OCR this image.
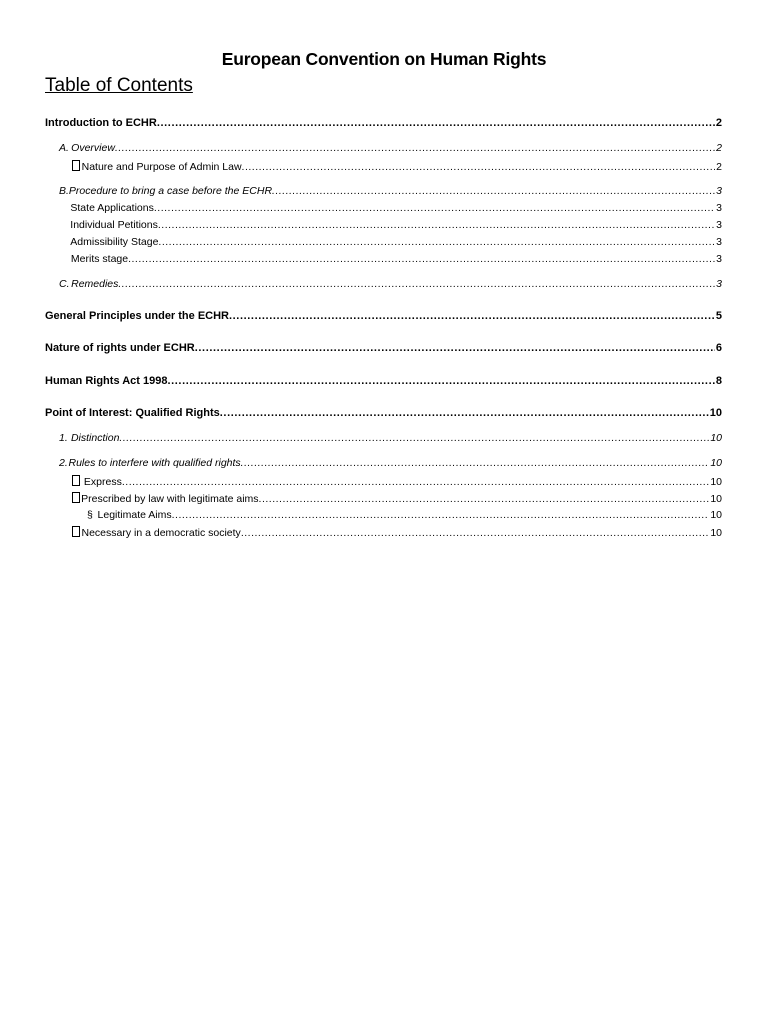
European Convention on Human Rights
Table of Contents
Introduction to ECHR .....	2
A. Overview .....	2
Nature and Purpose of Admin Law .....	2
B. Procedure to bring a case before the ECHR .....	3
State Applications .....	3
Individual Petitions .....	3
Admissibility Stage .....	3
Merits stage .....	3
C. Remedies .....	3
General Principles under the ECHR .....	5
Nature of rights under ECHR .....	6
Human Rights Act 1998 .....	8
Point of Interest: Qualified Rights .....	10
1. Distinction .....	10
2. Rules to interfere with qualified rights .....	10
Express .....	10
Prescribed by law with legitimate aims .....	10
§ Legitimate Aims .....	10
Necessary in a democratic society .....	10
